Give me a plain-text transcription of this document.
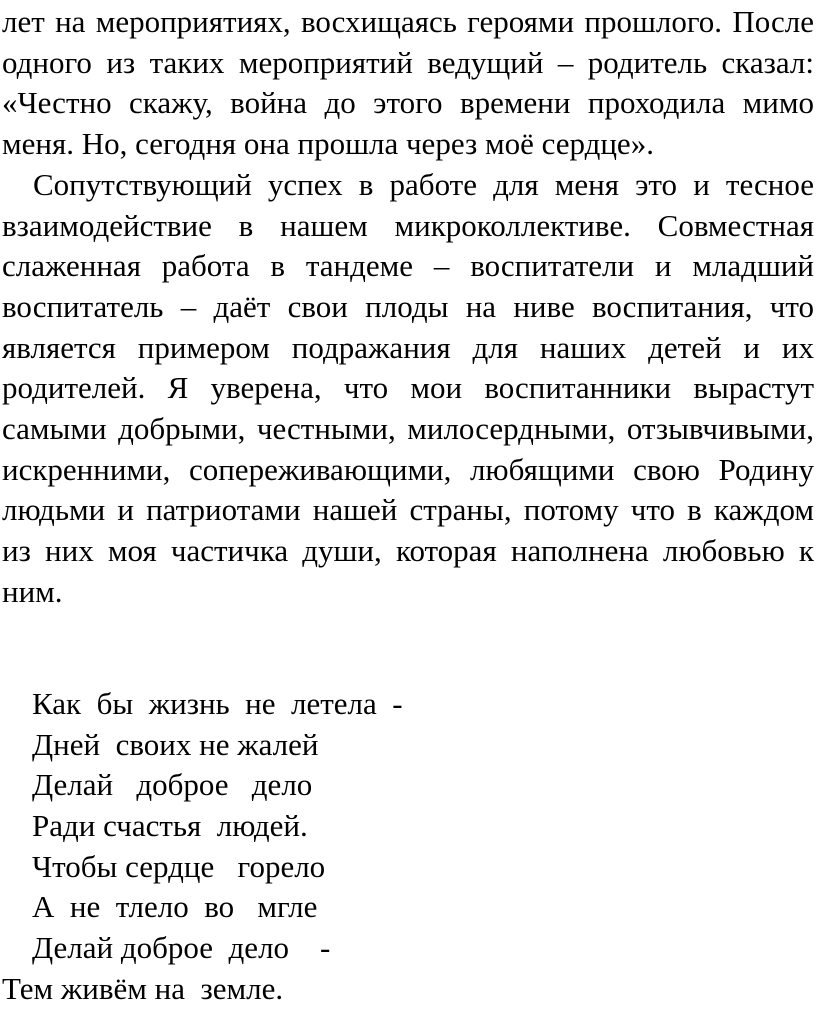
лет на мероприятиях, восхищаясь героями прошлого. После одного из таких мероприятий ведущий – родитель сказал: «Честно скажу, война до этого времени проходила мимо меня. Но, сегодня она прошла через моё сердце».

Сопутствующий успех в работе для меня это и тесное взаимодействие в нашем микроколлективе. Совместная слаженная работа в тандеме – воспитатели и младший воспитатель – даёт свои плоды на ниве воспитания, что является примером подражания для наших детей и их родителей. Я уверена, что мои воспитанники вырастут самыми добрыми, честными, милосердными, отзывчивыми, искренними, сопереживающими, любящими свою Родину людьми и патриотами нашей страны, потому что в каждом из них моя частичка души, которая наполнена любовью к ним.

Как  бы  жизнь  не  летела  -
Дней  своих не жалей
Делай   доброе   дело
Ради счастья  людей.
Чтобы сердце   горело
А  не  тлело  во   мгле
Делай доброе  дело    -
Тем живём на  земле.
